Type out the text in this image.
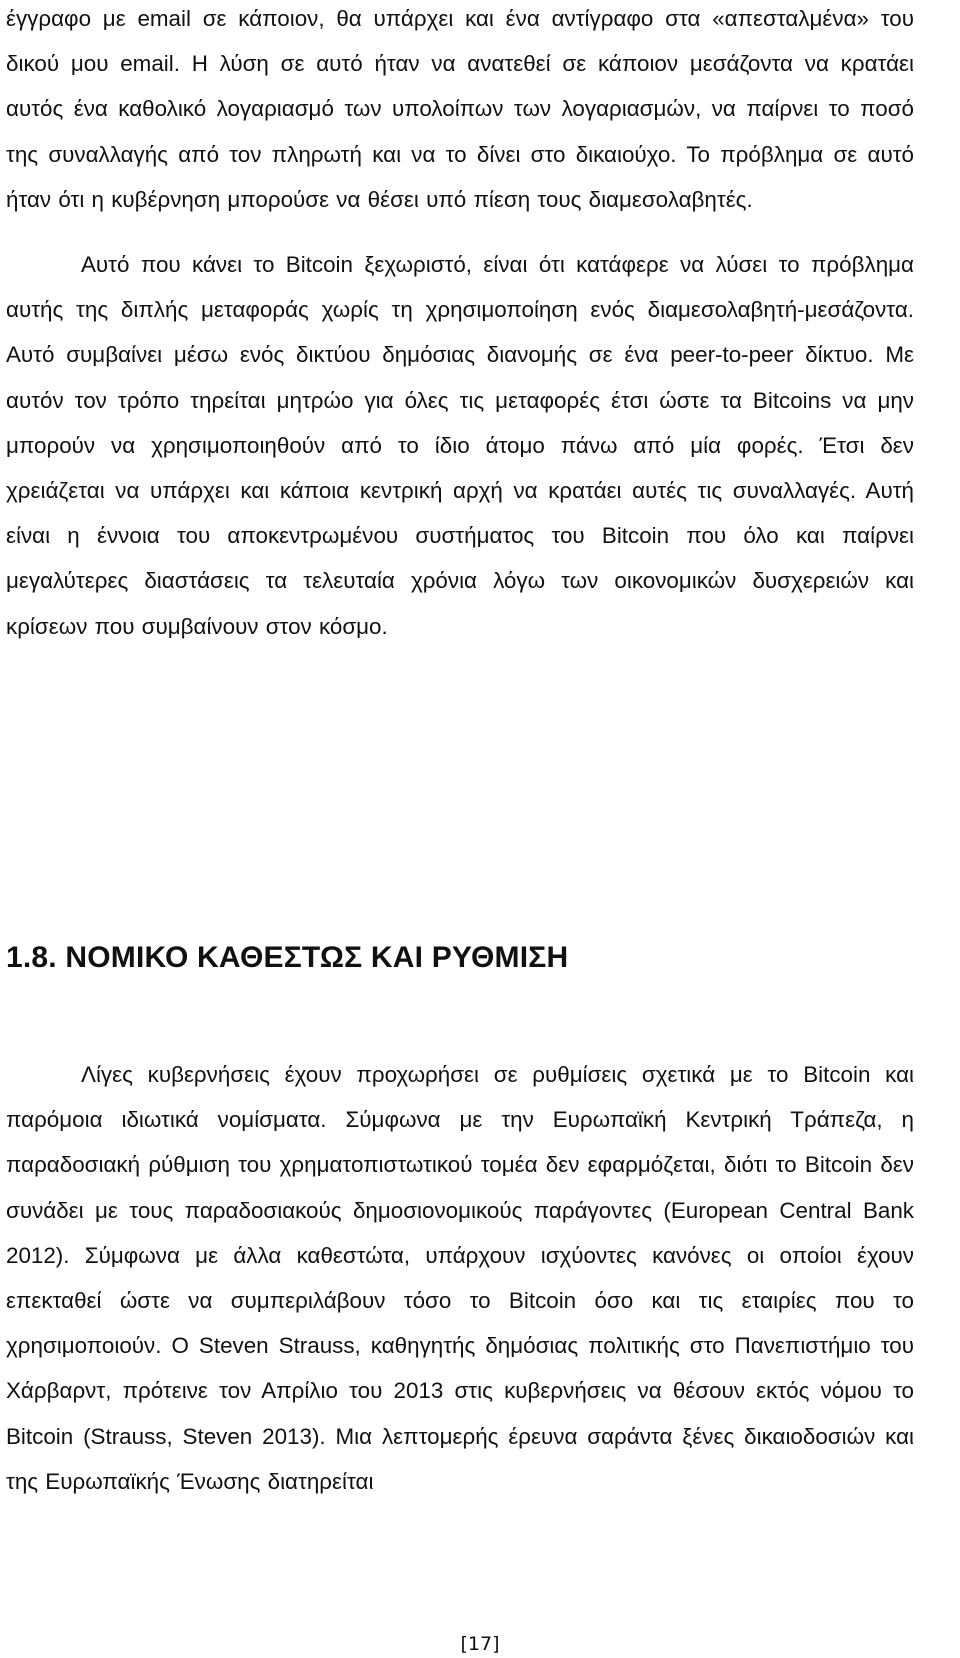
έγγραφο με email σε κάποιον, θα υπάρχει και ένα αντίγραφο στα «απεσταλμένα» του δικού μου email. Η λύση σε αυτό ήταν να ανατεθεί σε κάποιον μεσάζοντα να κρατάει αυτός ένα καθολικό λογαριασμό των υπολοίπων των λογαριασμών, να παίρνει το ποσό της συναλλαγής από τον πληρωτή και να το δίνει στο δικαιούχο. Το πρόβλημα σε αυτό ήταν ότι η κυβέρνηση μπορούσε να θέσει υπό πίεση τους διαμεσολαβητές.

Αυτό που κάνει το Bitcoin ξεχωριστό, είναι ότι κατάφερε να λύσει το πρόβλημα αυτής της διπλής μεταφοράς χωρίς τη χρησιμοποίηση ενός διαμεσολαβητή-μεσάζοντα. Αυτό συμβαίνει μέσω ενός δικτύου δημόσιας διανομής σε ένα peer-to-peer δίκτυο. Με αυτόν τον τρόπο τηρείται μητρώο για όλες τις μεταφορές έτσι ώστε τα Bitcoins να μην μπορούν να χρησιμοποιηθούν από το ίδιο άτομο πάνω από μία φορές. Έτσι δεν χρειάζεται να υπάρχει και κάποια κεντρική αρχή να κρατάει αυτές τις συναλλαγές. Αυτή είναι η έννοια του αποκεντρωμένου συστήματος του Bitcoin που όλο και παίρνει μεγαλύτερες διαστάσεις τα τελευταία χρόνια λόγω των οικονομικών δυσχερειών και κρίσεων που συμβαίνουν στον κόσμο.

1.8. ΝΟΜΙΚΟ ΚΑΘΕΣΤΩΣ ΚΑΙ ΡΥΘΜΙΣΗ

Λίγες κυβερνήσεις έχουν προχωρήσει σε ρυθμίσεις σχετικά με το Bitcoin και παρόμοια ιδιωτικά νομίσματα. Σύμφωνα με την Ευρωπαϊκή Κεντρική Τράπεζα, η παραδοσιακή ρύθμιση του χρηματοπιστωτικού τομέα δεν εφαρμόζεται, διότι το Bitcoin δεν συνάδει με τους παραδοσιακούς δημοσιονομικούς παράγοντες (European Central Bank 2012). Σύμφωνα με άλλα καθεστώτα, υπάρχουν ισχύοντες κανόνες οι οποίοι έχουν επεκταθεί ώστε να συμπεριλάβουν τόσο το Bitcoin όσο και τις εταιρίες που το χρησιμοποιούν. Ο Steven Strauss, καθηγητής δημόσιας πολιτικής στο Πανεπιστήμιο του Χάρβαρντ, πρότεινε τον Απρίλιο του 2013 στις κυβερνήσεις να θέσουν εκτός νόμου το Bitcoin (Strauss, Steven 2013). Μια λεπτομερής έρευνα σαράντα ξένες δικαιοδοσιών και της Ευρωπαϊκής Ένωσης διατηρείται

[17]
